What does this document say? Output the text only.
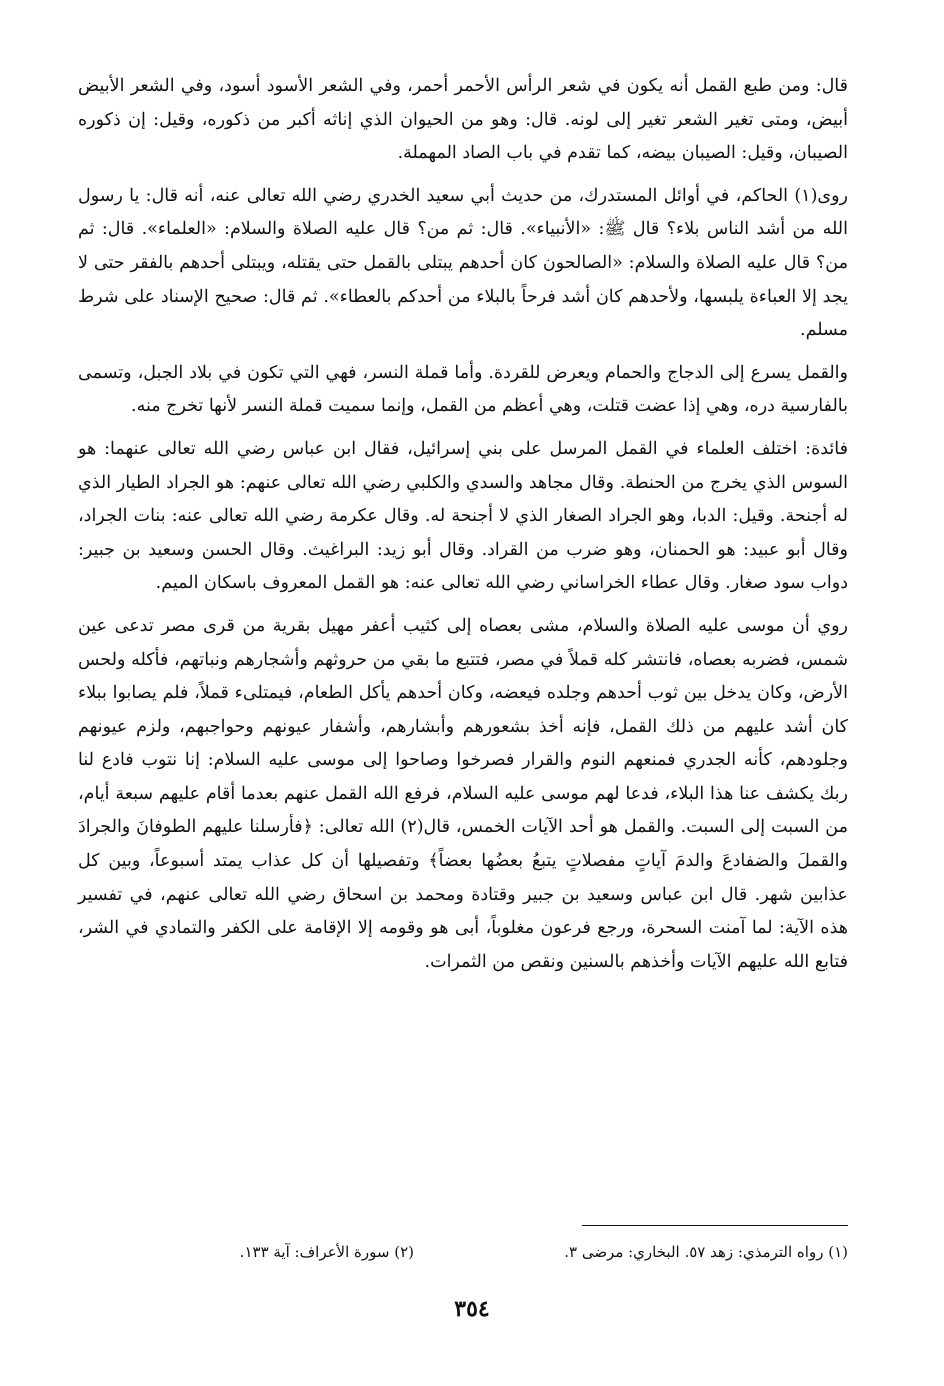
قال: ومن طبع القمل أنه يكون في شعر الرأس الأحمر أحمر، وفي الشعر الأسود أسود، وفي الشعر الأبيض أبيض، ومتى تغير الشعر تغير إلى لونه. قال: وهو من الحيوان الذي إناثه أكبر من ذكوره، وقيل: إن ذكوره الصيبان، وقيل: الصيبان بيضه، كما تقدم في باب الصاد المهملة.

روى(١) الحاكم، في أوائل المستدرك، من حديث أبي سعيد الخدري رضي الله تعالى عنه، أنه قال: يا رسول الله من أشد الناس بلاء؟ قال ﷺ: «الأنبياء». قال: ثم من؟ قال عليه الصلاة والسلام: «العلماء». قال: ثم من؟ قال عليه الصلاة والسلام: «الصالحون كان أحدهم يبتلى بالقمل حتى يقتله، ويبتلى أحدهم بالفقر حتى لا يجد إلا العباءة يلبسها، ولأحدهم كان أشد فرحاً بالبلاء من أحدكم بالعطاء». ثم قال: صحيح الإسناد على شرط مسلم.

والقمل يسرع إلى الدجاج والحمام ويعرض للقردة. وأما قملة النسر، فهي التي تكون في بلاد الجبل، وتسمى بالفارسية دره، وهي إذا عضت قتلت، وهي أعظم من القمل، وإنما سميت قملة النسر لأنها تخرج منه.

فائدة: اختلف العلماء في القمل المرسل على بني إسرائيل، فقال ابن عباس رضي الله تعالى عنهما: هو السوس الذي يخرج من الحنطة. وقال مجاهد والسدي والكلبي رضي الله تعالى عنهم: هو الجراد الطيار الذي له أجنحة. وقيل: الدبا، وهو الجراد الصغار الذي لا أجنحة له. وقال عكرمة رضي الله تعالى عنه: بنات الجراد، وقال أبو عبيد: هو الحمنان، وهو ضرب من القراد. وقال أبو زيد: البراغيث. وقال الحسن وسعيد بن جبير: دواب سود صغار. وقال عطاء الخراساني رضي الله تعالى عنه: هو القمل المعروف باسكان الميم.

روي أن موسى عليه الصلاة والسلام، مشى بعصاه إلى كثيب أعفر مهيل بقرية من قرى مصر تدعى عين شمس، فضربه بعصاه، فانتشر كله قملاً في مصر، فتتبع ما بقي من حروثهم وأشجارهم ونباتهم، فأكله ولحس الأرض، وكان يدخل بين ثوب أحدهم وجلده فيعضه، وكان أحدهم يأكل الطعام، فيمتلىء قملاً، فلم يصابوا ببلاء كان أشد عليهم من ذلك القمل، فإنه أخذ بشعورهم وأبشارهم، وأشفار عيونهم وحواجبهم، ولزم عيونهم وجلودهم، كأنه الجدري فمنعهم النوم والقرار فصرخوا وصاحوا إلى موسى عليه السلام: إنا نتوب فادع لنا ربك يكشف عنا هذا البلاء، فدعا لهم موسى عليه السلام، فرفع الله القمل عنهم بعدما أقام عليهم سبعة أيام، من السبت إلى السبت. والقمل هو أحد الآيات الخمس، قال(٢) الله تعالى: ﴿فأرسلنا عليهم الطوفانَ والجرادَ والقملَ والضفادعَ والدمَ آياتٍ مفصلاتٍ يتبعُ بعضُها بعضاً﴾ وتفصيلها أن كل عذاب يمتد أسبوعاً، وبين كل عذابين شهر. قال ابن عباس وسعيد بن جبير وقتادة ومحمد بن اسحاق رضي الله تعالى عنهم، في تفسير هذه الآية: لما آمنت السحرة، ورجع فرعون مغلوباً، أبى هو وقومه إلا الإقامة على الكفر والتمادي في الشر، فتابع الله عليهم الآيات وأخذهم بالسنين ونقص من الثمرات.

(١) رواه الترمذي: زهد ٥٧. البخاري: مرضى ٣.
(٢) سورة الأعراف: آية ١٣٣.
٣٥٤
